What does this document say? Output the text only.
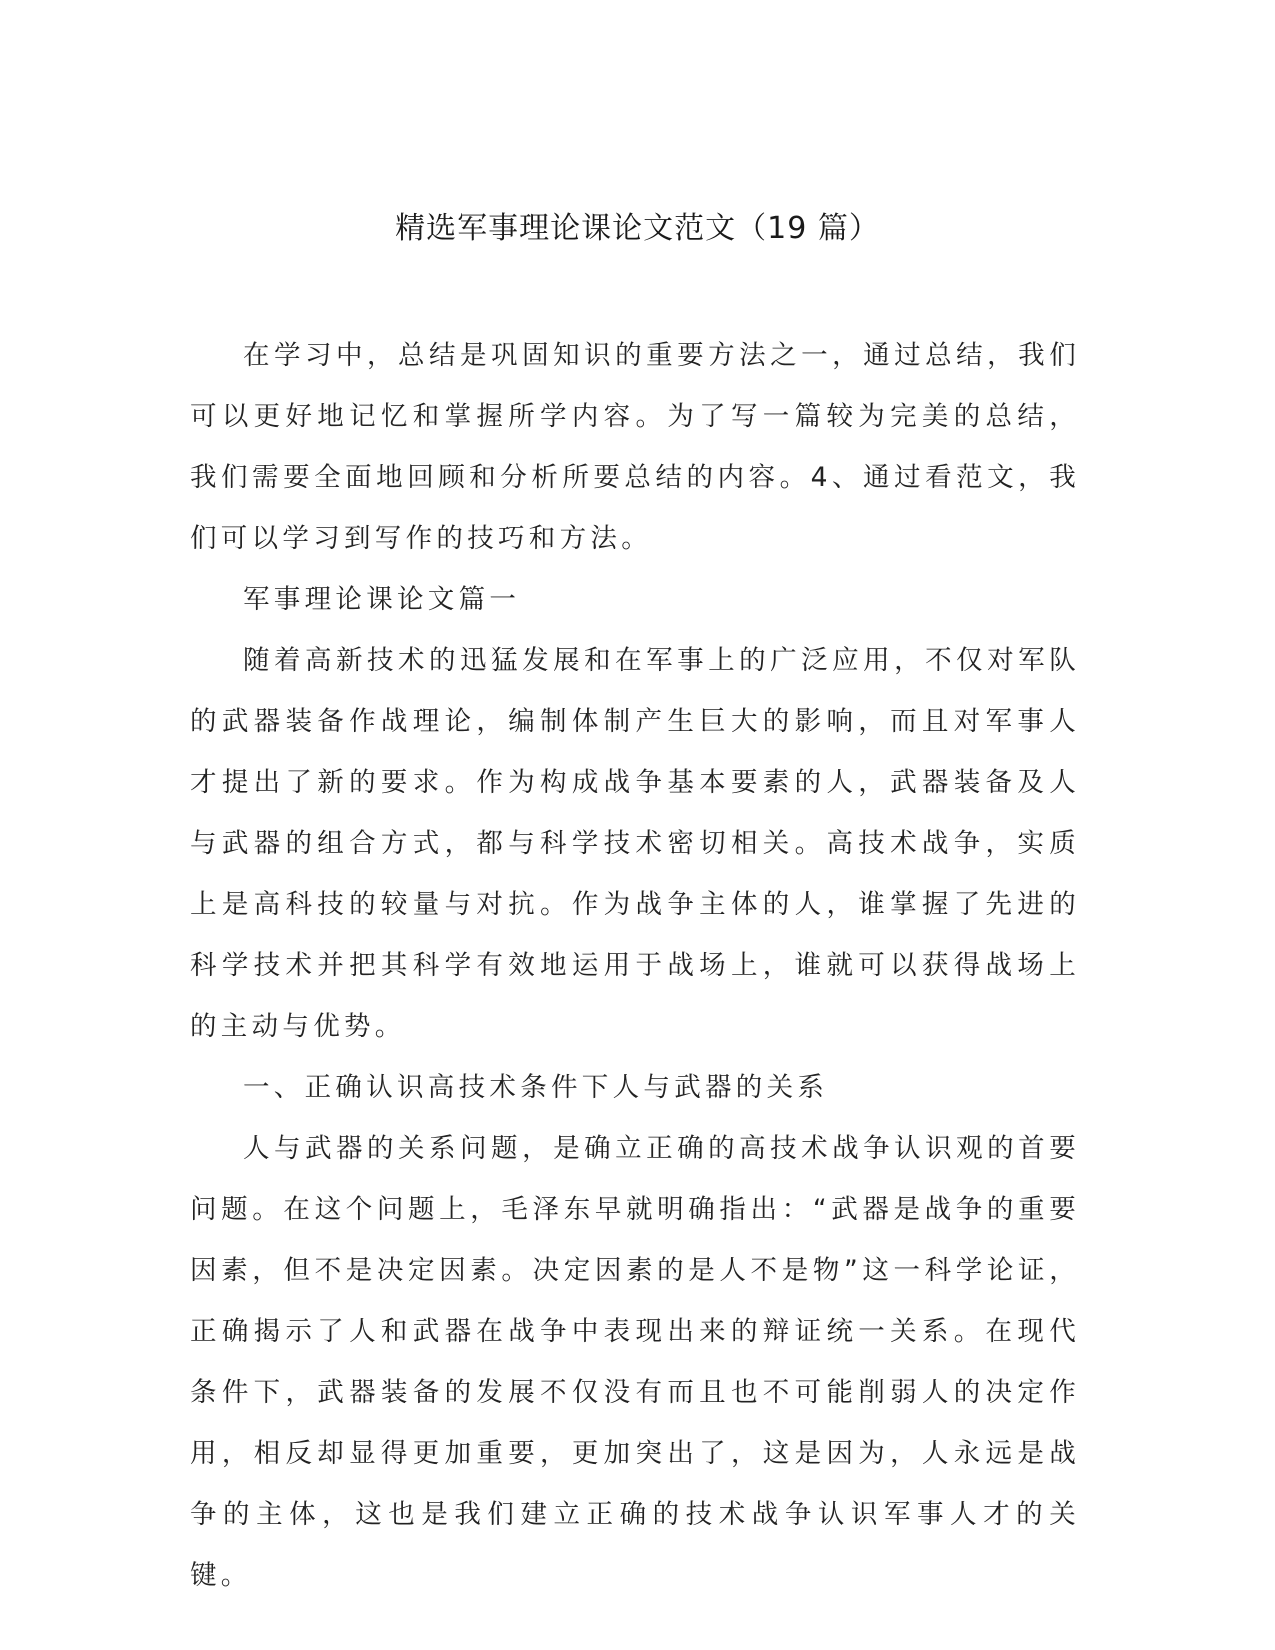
精选军事理论课论文范文（19 篇）

在学习中，总结是巩固知识的重要方法之一，通过总结，我们可以更好地记忆和掌握所学内容。为了写一篇较为完美的总结，我们需要全面地回顾和分析所要总结的内容。4、通过看范文，我们可以学习到写作的技巧和方法。

军事理论课论文篇一

随着高新技术的迅猛发展和在军事上的广泛应用，不仅对军队的武器装备作战理论，编制体制产生巨大的影响，而且对军事人才提出了新的要求。作为构成战争基本要素的人，武器装备及人与武器的组合方式，都与科学技术密切相关。高技术战争，实质上是高科技的较量与对抗。作为战争主体的人，谁掌握了先进的科学技术并把其科学有效地运用于战场上，谁就可以获得战场上的主动与优势。

一、正确认识高技术条件下人与武器的关系

人与武器的关系问题，是确立正确的高技术战争认识观的首要问题。在这个问题上，毛泽东早就明确指出：“武器是战争的重要因素，但不是决定因素。决定因素的是人不是物”这一科学论证，正确揭示了人和武器在战争中表现出来的辩证统一关系。在现代条件下，武器装备的发展不仅没有而且也不可能削弱人的决定作用，相反却显得更加重要，更加突出了，这是因为，人永远是战争的主体，这也是我们建立正确的技术战争认识军事人才的关键。
